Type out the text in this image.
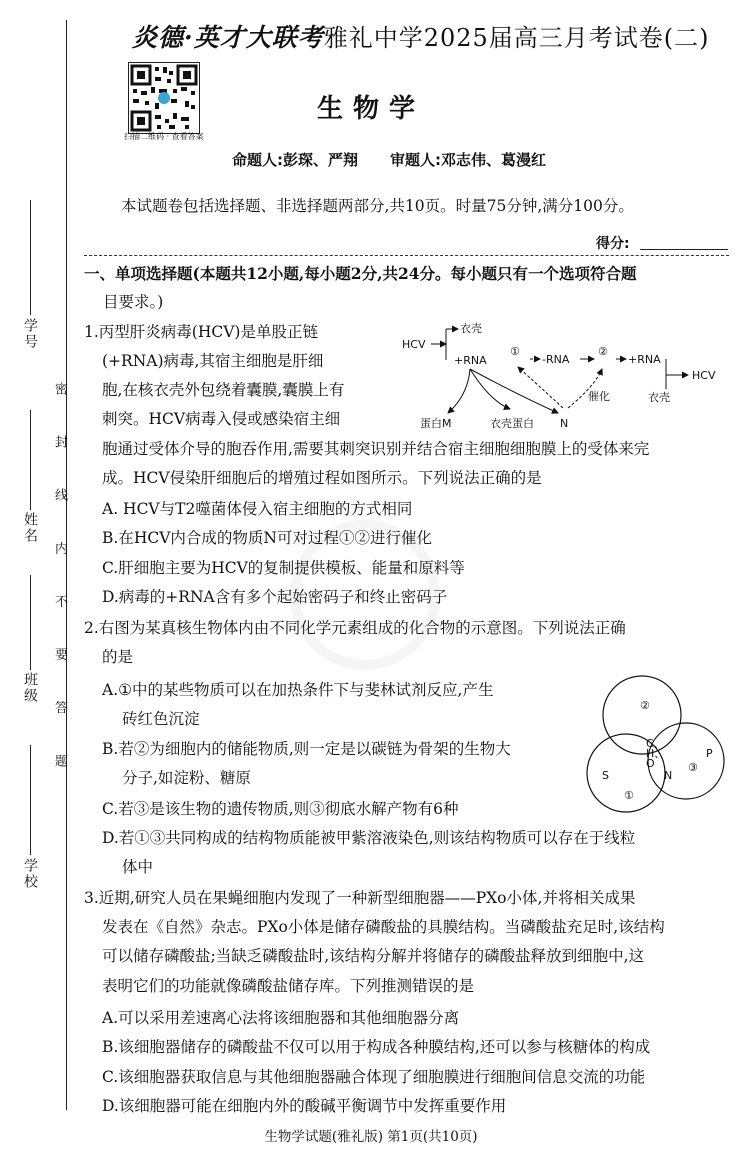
学号
姓名
班级
学校
密 封 线 内 不 要 答 题
炎德·英才大联考雅礼中学2025届高三月考试卷(二)
扫描二维码 · 查看答案
生物学
命题人:彭琛、严翔 审题人:邓志伟、葛漫红

本试题卷包括选择题、非选择题两部分,共10页。时量75分钟,满分100分。

得分:

一、单项选择题(本题共12小题,每小题2分,共24分。每小题只有一个选项符合题

目要求。)

1.丙型肝炎病毒(HCV)是单股正链

(+RNA)病毒,其宿主细胞是肝细

胞,在核衣壳外包绕着囊膜,囊膜上有

刺突。HCV病毒入侵或感染宿主细

胞通过受体介导的胞吞作用,需要其刺突识别并结合宿主细胞细胞膜上的受体来完

成。HCV侵染肝细胞后的增殖过程如图所示。下列说法正确的是

HCV
衣壳
+RNA
①
-RNA
②
+RNA
HCV
衣壳
催化
蛋白M	衣壳蛋白 N

A. HCV与T2噬菌体侵入宿主细胞的方式相同

B.在HCV内合成的物质N可对过程①②进行催化

C.肝细胞主要为HCV的复制提供模板、能量和原料等

D.病毒的+RNA含有多个起始密码子和终止密码子

2.右图为某真核生物体内由不同化学元素组成的化合物的示意图。下列说法正确

的是

A.①中的某些物质可以在加热条件下与斐林试剂反应,产生

砖红色沉淀

B.若②为细胞内的储能物质,则一定是以碳链为骨架的生物大

分子,如淀粉、糖原

C.若③是该生物的遗传物质,则③彻底水解产物有6种

D.若①③共同构成的结构物质能被甲紫溶液染色,则该结构物质可以存在于线粒

体中

②
③
①
C、
H、
O
S	N
P

3.近期,研究人员在果蝇细胞内发现了一种新型细胞器——PXo小体,并将相关成果

发表在《自然》杂志。PXo小体是储存磷酸盐的具膜结构。当磷酸盐充足时,该结构

可以储存磷酸盐;当缺乏磷酸盐时,该结构分解并将储存的磷酸盐释放到细胞中,这

表明它们的功能就像磷酸盐储存库。下列推测错误的是

A.可以采用差速离心法将该细胞器和其他细胞器分离

B.该细胞器储存的磷酸盐不仅可以用于构成各种膜结构,还可以参与核糖体的构成

C.该细胞器获取信息与其他细胞器融合体现了细胞膜进行细胞间信息交流的功能

D.该细胞器可能在细胞内外的酸碱平衡调节中发挥重要作用

生物学试题(雅礼版) 第1页(共10页)
